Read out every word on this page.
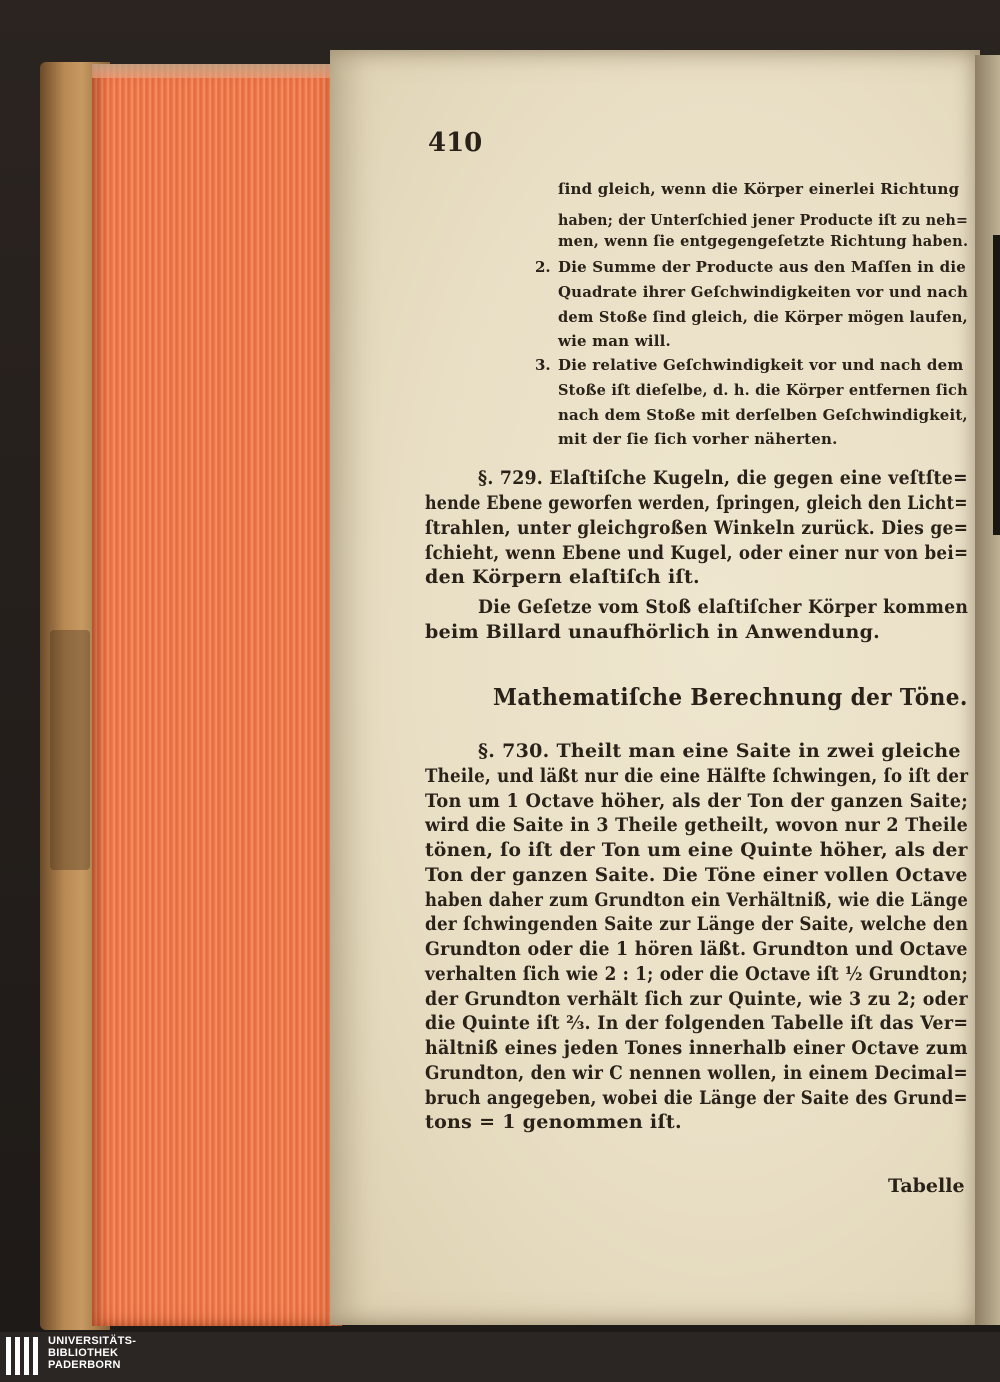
410
ſind gleich, wenn die Körper einerlei Richtung
haben; der Unterſchied jener Producte iſt zu neh=
men, wenn ſie entgegengeſetzte Richtung haben.
2. Die Summe der Producte aus den Maſſen in die
Quadrate ihrer Geſchwindigkeiten vor und nach
dem Stoße ſind gleich, die Körper mögen laufen,
wie man will.
3. Die relative Geſchwindigkeit vor und nach dem
Stoße iſt dieſelbe, d. h. die Körper entfernen ſich
nach dem Stoße mit derſelben Geſchwindigkeit,
mit der ſie ſich vorher näherten.
§. 729. Elaſtiſche Kugeln, die gegen eine veſtſte=
hende Ebene geworfen werden, ſpringen, gleich den Licht=
ſtrahlen, unter gleichgroßen Winkeln zurück. Dies ge=
ſchieht, wenn Ebene und Kugel, oder einer nur von bei=
den Körpern elaſtiſch iſt.
Die Geſetze vom Stoß elaſtiſcher Körper kommen
beim Billard unaufhörlich in Anwendung.
Mathematiſche Berechnung der Töne.
§. 730. Theilt man eine Saite in zwei gleiche
Theile, und läßt nur die eine Hälfte ſchwingen, ſo iſt der
Ton um 1 Octave höher, als der Ton der ganzen Saite;
wird die Saite in 3 Theile getheilt, wovon nur 2 Theile
tönen, ſo iſt der Ton um eine Quinte höher, als der
Ton der ganzen Saite. Die Töne einer vollen Octave
haben daher zum Grundton ein Verhältniß, wie die Länge
der ſchwingenden Saite zur Länge der Saite, welche den
Grundton oder die 1 hören läßt. Grundton und Octave
verhalten ſich wie 2 : 1; oder die Octave iſt ½ Grundton;
der Grundton verhält ſich zur Quinte, wie 3 zu 2; oder
die Quinte iſt ⅔. In der folgenden Tabelle iſt das Ver=
hältniß eines jeden Tones innerhalb einer Octave zum
Grundton, den wir C nennen wollen, in einem Decimal=
bruch angegeben, wobei die Länge der Saite des Grund=
tons = 1 genommen iſt.
Tabelle
UNIVERSITÄTS-
BIBLIOTHEK
PADERBORN
